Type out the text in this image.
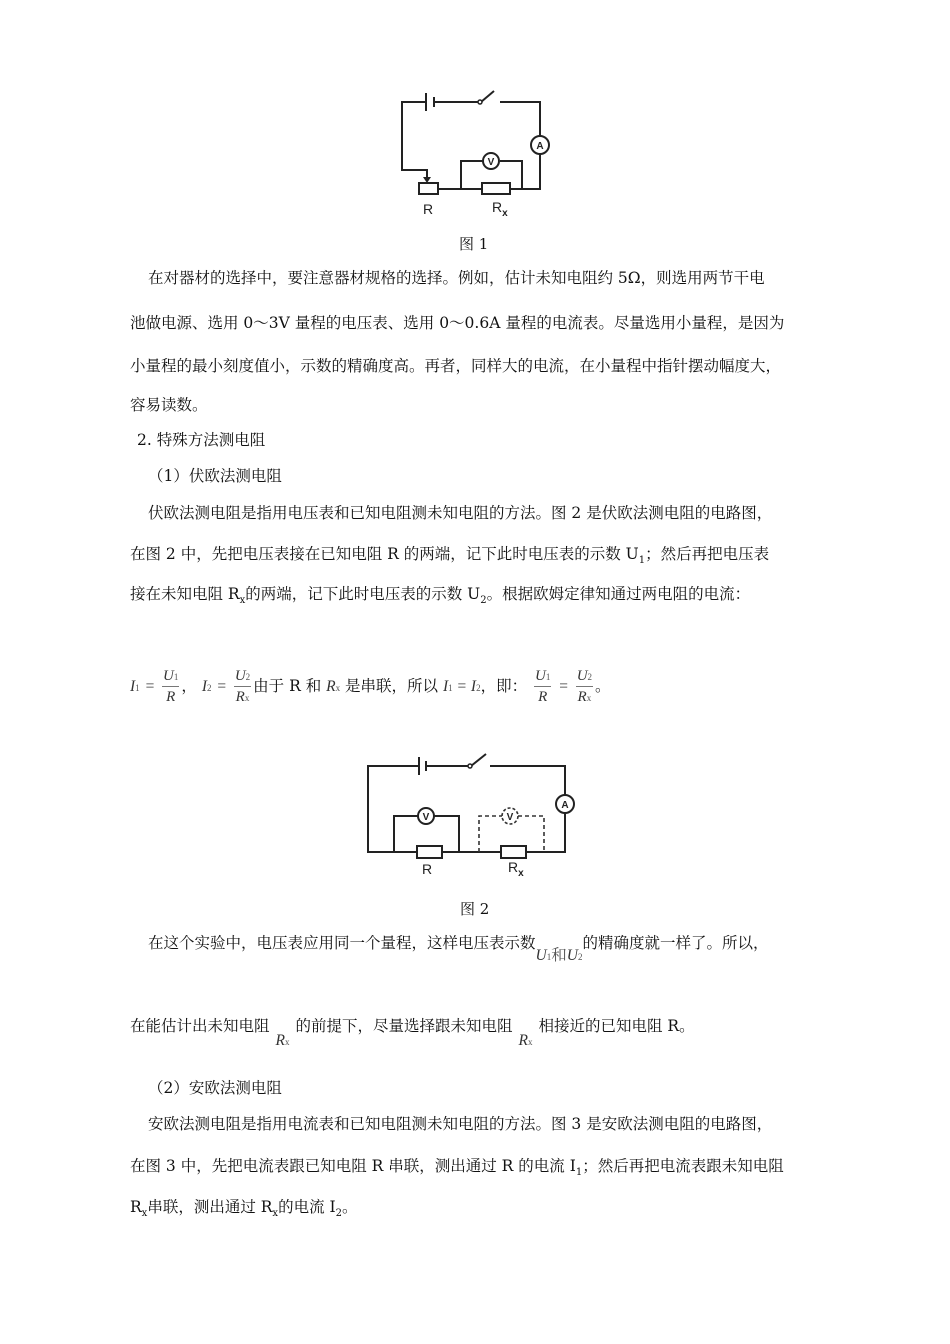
V
A
R	$R_x$
图 1
在对器材的选择中，要注意器材规格的选择。例如，估计未知电阻约 5Ω，则选用两节干电
池做电源、选用 0～3V 量程的电压表、选用 0～0.6A 量程的电流表。尽量选用小量程，是因为
小量程的最小刻度值小，示数的精确度高。再者，同样大的电流，在小量程中指针摆动幅度大，
容易读数。
2. 特殊方法测电阻
（1）伏欧法测电阻
伏欧法测电阻是指用电压表和已知电阻测未知电阻的方法。图 2 是伏欧法测电阻的电路图，
在图 2 中，先把电压表接在已知电阻 R 的两端，记下此时电压表的示数 $U_1$；然后再把电压表
接在未知电阻 $R_x$的两端，记下此时电压表的示数 $U_2$。根据欧姆定律知通过两电阻的电流：
$I1 = \frac{U1}{R}$ ， $I2 = \frac{U2}{Rx}$ 由于 R 和 Rx 是串联，所以 I1 = I2，即： $\frac{U1}{R} = \frac{U2}{Rx}$ 。
V	V
A
R	$R_x$
图 2
在这个实验中，电压表应用同一个量程，这样电压表示数U1和U2的精确度就一样了。所以，
在能估计出未知电阻Rx的前提下，尽量选择跟未知电阻Rx相接近的已知电阻 R。
（2）安欧法测电阻
安欧法测电阻是指用电流表和已知电阻测未知电阻的方法。图 3 是安欧法测电阻的电路图，
在图 3 中，先把电流表跟已知电阻 R 串联，测出通过 R 的电流 $I_1$；然后再把电流表跟未知电阻
$R_x$串联，测出通过 $R_x$的电流 $I_2$。
